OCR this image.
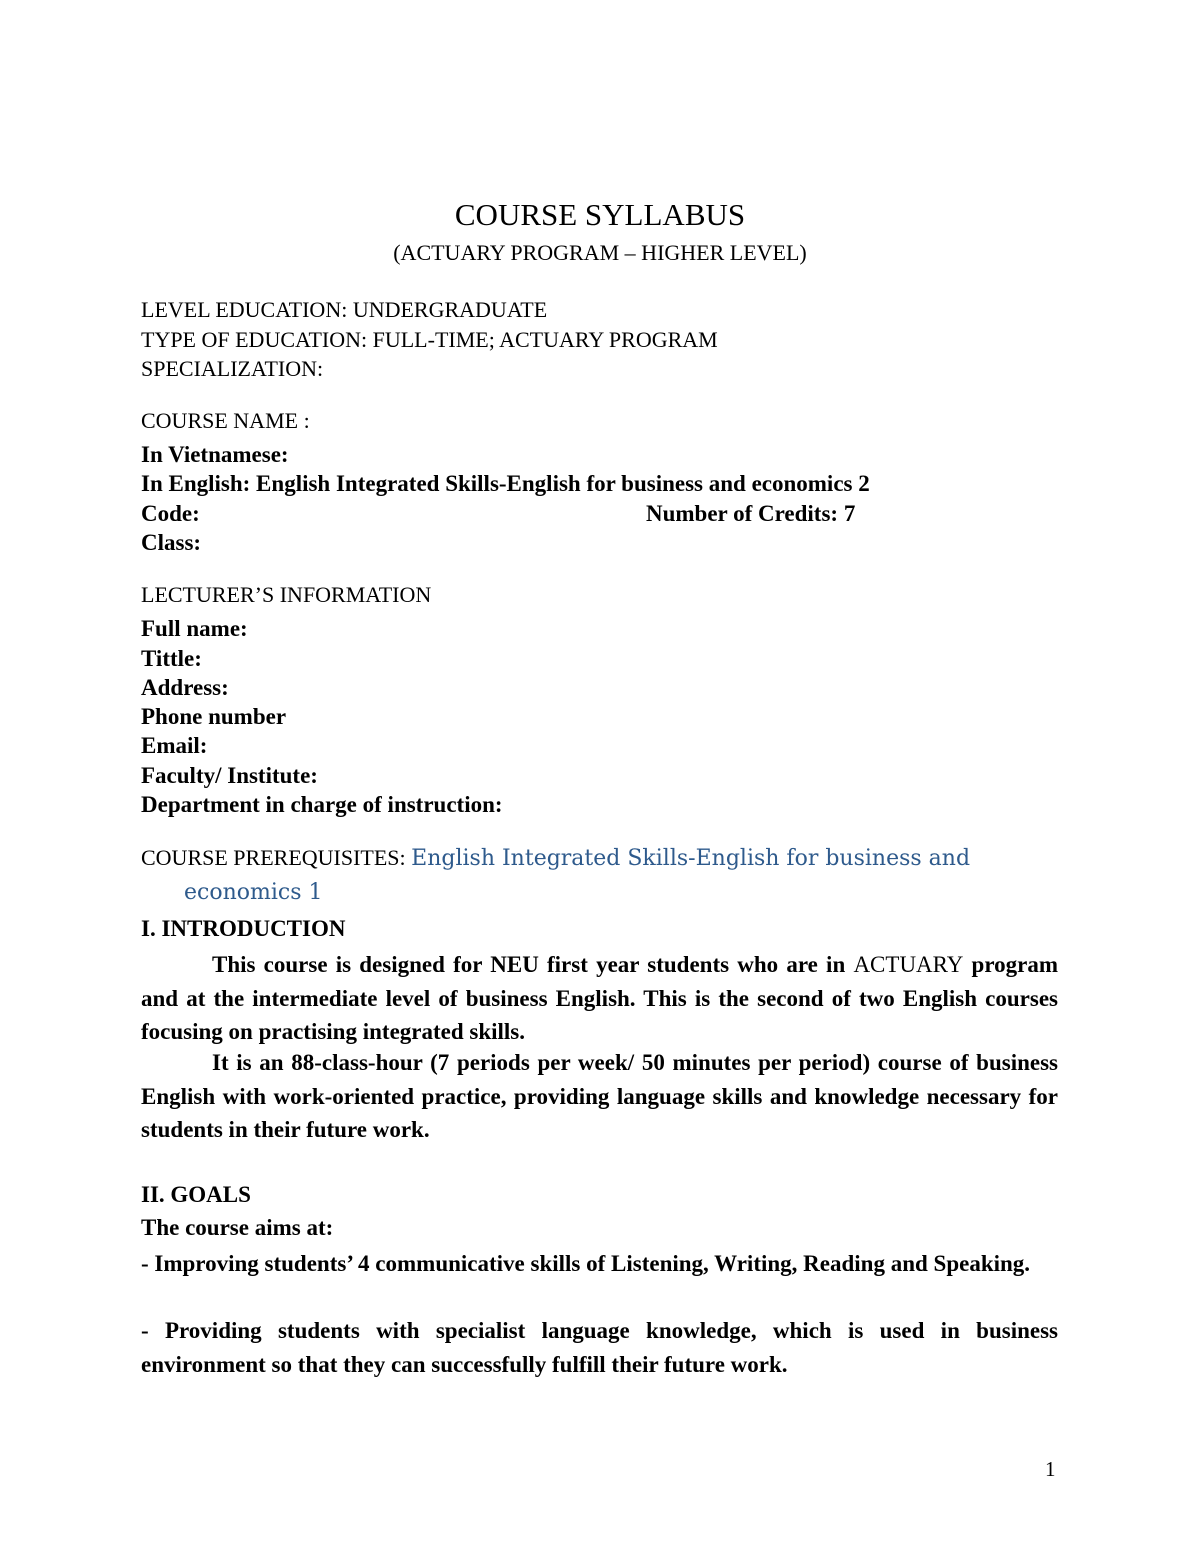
COURSE SYLLABUS
(ACTUARY PROGRAM – HIGHER LEVEL)
LEVEL EDUCATION: UNDERGRADUATE
TYPE OF EDUCATION: FULL-TIME; ACTUARY PROGRAM
SPECIALIZATION:
COURSE NAME :
In Vietnamese:
In English: English Integrated Skills-English for business and economics 2
Code:	Number of Credits: 7
Class:
LECTURER’S INFORMATION
Full name:
Tittle:
Address:
Phone number
Email:
Faculty/ Institute:
Department in charge of instruction:
COURSE PREREQUISITES: English Integrated Skills-English for business and
economics 1
I. INTRODUCTION

This course is designed for NEU first year students who are in ACTUARY program and at the intermediate level of business English. This is the second of two English courses focusing on practising integrated skills.

It is an 88-class-hour (7 periods per week/ 50 minutes per period) course of business English with work-oriented practice, providing language skills and knowledge necessary for students in their future work.

II. GOALS
The course aims at:

- Improving students’ 4 communicative skills of Listening, Writing, Reading and Speaking.

- Providing students with specialist language knowledge, which is used in business environment so that they can successfully fulfill their future work.

1
